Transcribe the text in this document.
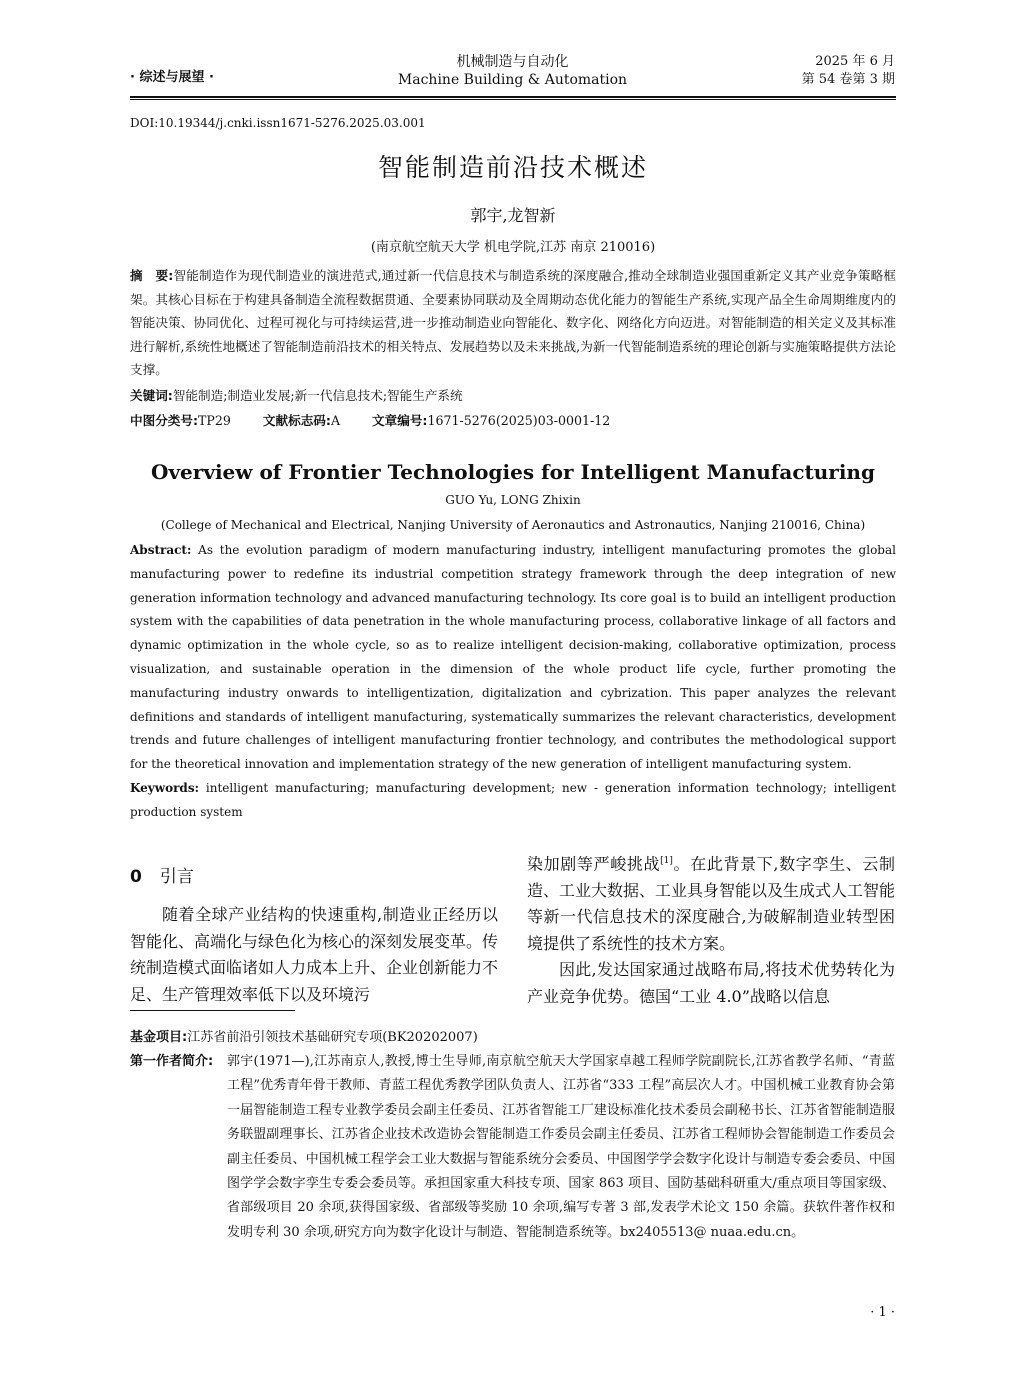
· 综述与展望 ·
机械制造与自动化
Machine Building & Automation
2025 年 6 月
第 54 卷第 3 期
DOI:10.19344/j.cnki.issn1671-5276.2025.03.001
智能制造前沿技术概述
郭宇,龙智新
(南京航空航天大学 机电学院,江苏 南京 210016)
摘　要:智能制造作为现代制造业的演进范式,通过新一代信息技术与制造系统的深度融合,推动全球制造业强国重新定义其产业竞争策略框架。其核心目标在于构建具备制造全流程数据贯通、全要素协同联动及全周期动态优化能力的智能生产系统,实现产品全生命周期维度内的智能决策、协同优化、过程可视化与可持续运营,进一步推动制造业向智能化、数字化、网络化方向迈进。对智能制造的相关定义及其标准进行解析,系统性地概述了智能制造前沿技术的相关特点、发展趋势以及未来挑战,为新一代智能制造系统的理论创新与实施策略提供方法论支撑。
关键词:智能制造;制造业发展;新一代信息技术;智能生产系统
中图分类号:TP29	文献标志码:A	文章编号:1671-5276(2025)03-0001-12
Overview of Frontier Technologies for Intelligent Manufacturing
GUO Yu, LONG Zhixin
(College of Mechanical and Electrical, Nanjing University of Aeronautics and Astronautics, Nanjing 210016, China)
Abstract: As the evolution paradigm of modern manufacturing industry, intelligent manufacturing promotes the global manufacturing power to redefine its industrial competition strategy framework through the deep integration of new generation information technology and advanced manufacturing technology. Its core goal is to build an intelligent production system with the capabilities of data penetration in the whole manufacturing process, collaborative linkage of all factors and dynamic optimization in the whole cycle, so as to realize intelligent decision-making, collaborative optimization, process visualization, and sustainable operation in the dimension of the whole product life cycle, further promoting the manufacturing industry onwards to intelligentization, digitalization and cybrization. This paper analyzes the relevant definitions and standards of intelligent manufacturing, systematically summarizes the relevant characteristics, development trends and future challenges of intelligent manufacturing frontier technology, and contributes the methodological support for the theoretical innovation and implementation strategy of the new generation of intelligent manufacturing system.
Keywords: intelligent manufacturing; manufacturing development; new - generation information technology; intelligent production system
0 引言
随着全球产业结构的快速重构,制造业正经历以智能化、高端化与绿色化为核心的深刻发展变革。传统制造模式面临诸如人力成本上升、企业创新能力不足、生产管理效率低下以及环境污
染加剧等严峻挑战[1]。在此背景下,数字孪生、云制造、工业大数据、工业具身智能以及生成式人工智能等新一代信息技术的深度融合,为破解制造业转型困境提供了系统性的技术方案。
因此,发达国家通过战略布局,将技术优势转化为产业竞争优势。德国“工业 4.0”战略以信息
基金项目:江苏省前沿引领技术基础研究专项(BK20202007)
第一作者简介: 郭宇(1971—),江苏南京人,教授,博士生导师,南京航空航天大学国家卓越工程师学院副院长,江苏省教学名师、“青蓝工程”优秀青年骨干教师、青蓝工程优秀教学团队负责人、江苏省“333 工程”高层次人才。中国机械工业教育协会第一届智能制造工程专业教学委员会副主任委员、江苏省智能工厂建设标准化技术委员会副秘书长、江苏省智能制造服务联盟副理事长、江苏省企业技术改造协会智能制造工作委员会副主任委员、江苏省工程师协会智能制造工作委员会副主任委员、中国机械工程学会工业大数据与智能系统分会委员、中国图学学会数字化设计与制造专委会委员、中国图学学会数字孪生专委会委员等。承担国家重大科技专项、国家 863 项目、国防基础科研重大/重点项目等国家级、省部级项目 20 余项,获得国家级、省部级等奖励 10 余项,编写专著 3 部,发表学术论文 150 余篇。获软件著作权和发明专利 30 余项,研究方向为数字化设计与制造、智能制造系统等。bx2405513@ nuaa.edu.cn。
· 1 ·
